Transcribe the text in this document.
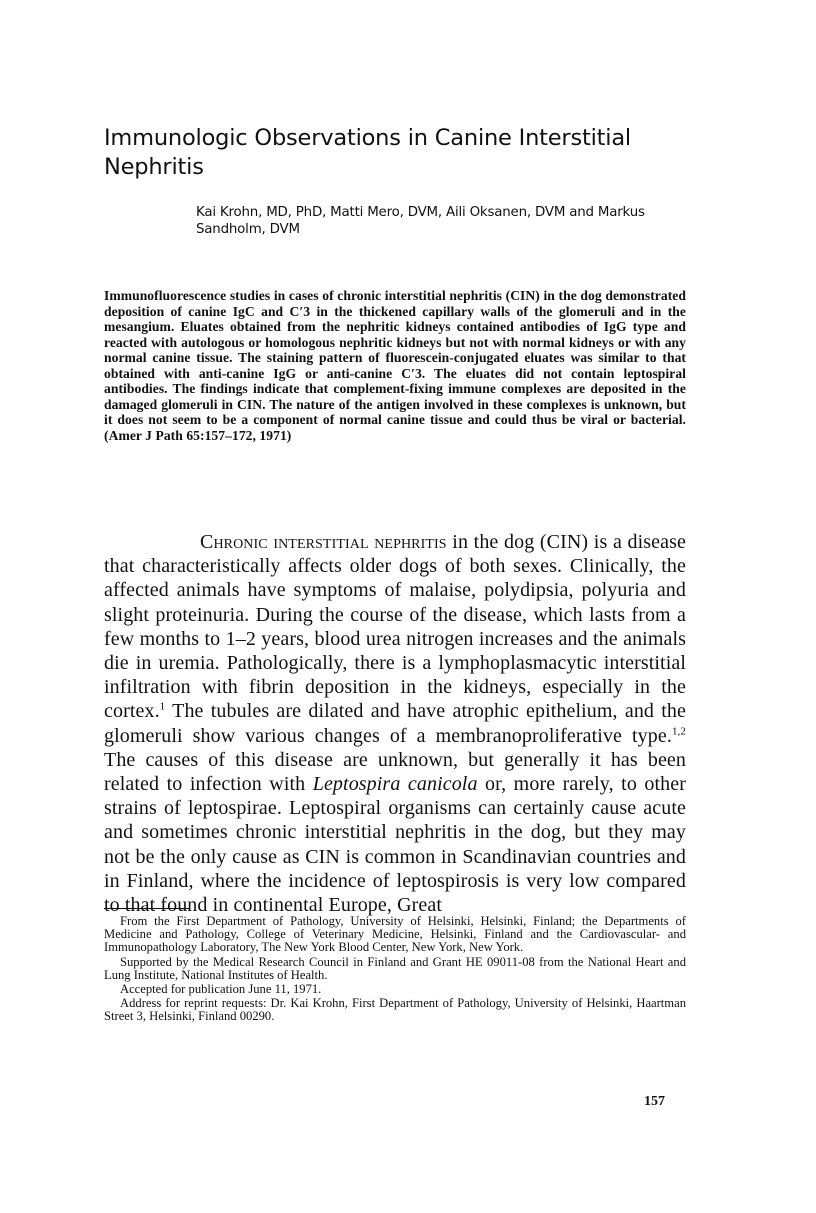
Immunologic Observations in Canine Interstitial Nephritis

Kai Krohn, MD, PhD, Matti Mero, DVM, Aili Oksanen, DVM and Markus Sandholm, DVM

Immunofluorescence studies in cases of chronic interstitial nephritis (CIN) in the dog demonstrated deposition of canine IgC and C′3 in the thickened capillary walls of the glomeruli and in the mesangium. Eluates obtained from the nephritic kidneys contained antibodies of IgG type and reacted with autologous or homologous nephritic kidneys but not with normal kidneys or with any normal canine tissue. The staining pattern of fluorescein-conjugated eluates was similar to that obtained with anti-canine IgG or anti-canine C′3. The eluates did not contain leptospiral antibodies. The findings indicate that complement-fixing immune complexes are deposited in the damaged glomeruli in CIN. The nature of the antigen involved in these complexes is unknown, but it does not seem to be a component of normal canine tissue and could thus be viral or bacterial. (Amer J Path 65:157–172, 1971)

Chronic interstitial nephritis in the dog (CIN) is a disease that characteristically affects older dogs of both sexes. Clinically, the affected animals have symptoms of malaise, polydipsia, polyuria and slight proteinuria. During the course of the disease, which lasts from a few months to 1–2 years, blood urea nitrogen increases and the animals die in uremia. Pathologically, there is a lymphoplasmacytic interstitial infiltration with fibrin deposition in the kidneys, especially in the cortex.$^1$ The tubules are dilated and have atrophic epithelium, and the glomeruli show various changes of a membranoproliferative type.$^{1,2}$ The causes of this disease are unknown, but generally it has been related to infection with Leptospira canicola or, more rarely, to other strains of leptospirae. Leptospiral organisms can certainly cause acute and sometimes chronic interstitial nephritis in the dog, but they may not be the only cause as CIN is common in Scandinavian countries and in Finland, where the incidence of leptospirosis is very low compared to that found in continental Europe, Great

From the First Department of Pathology, University of Helsinki, Helsinki, Finland; the Departments of Medicine and Pathology, College of Veterinary Medicine, Helsinki, Finland and the Cardiovascular- and Immunopathology Laboratory, The New York Blood Center, New York, New York.

Supported by the Medical Research Council in Finland and Grant HE 09011-08 from the National Heart and Lung Institute, National Institutes of Health.

Accepted for publication June 11, 1971.

Address for reprint requests: Dr. Kai Krohn, First Department of Pathology, University of Helsinki, Haartman Street 3, Helsinki, Finland 00290.

157
